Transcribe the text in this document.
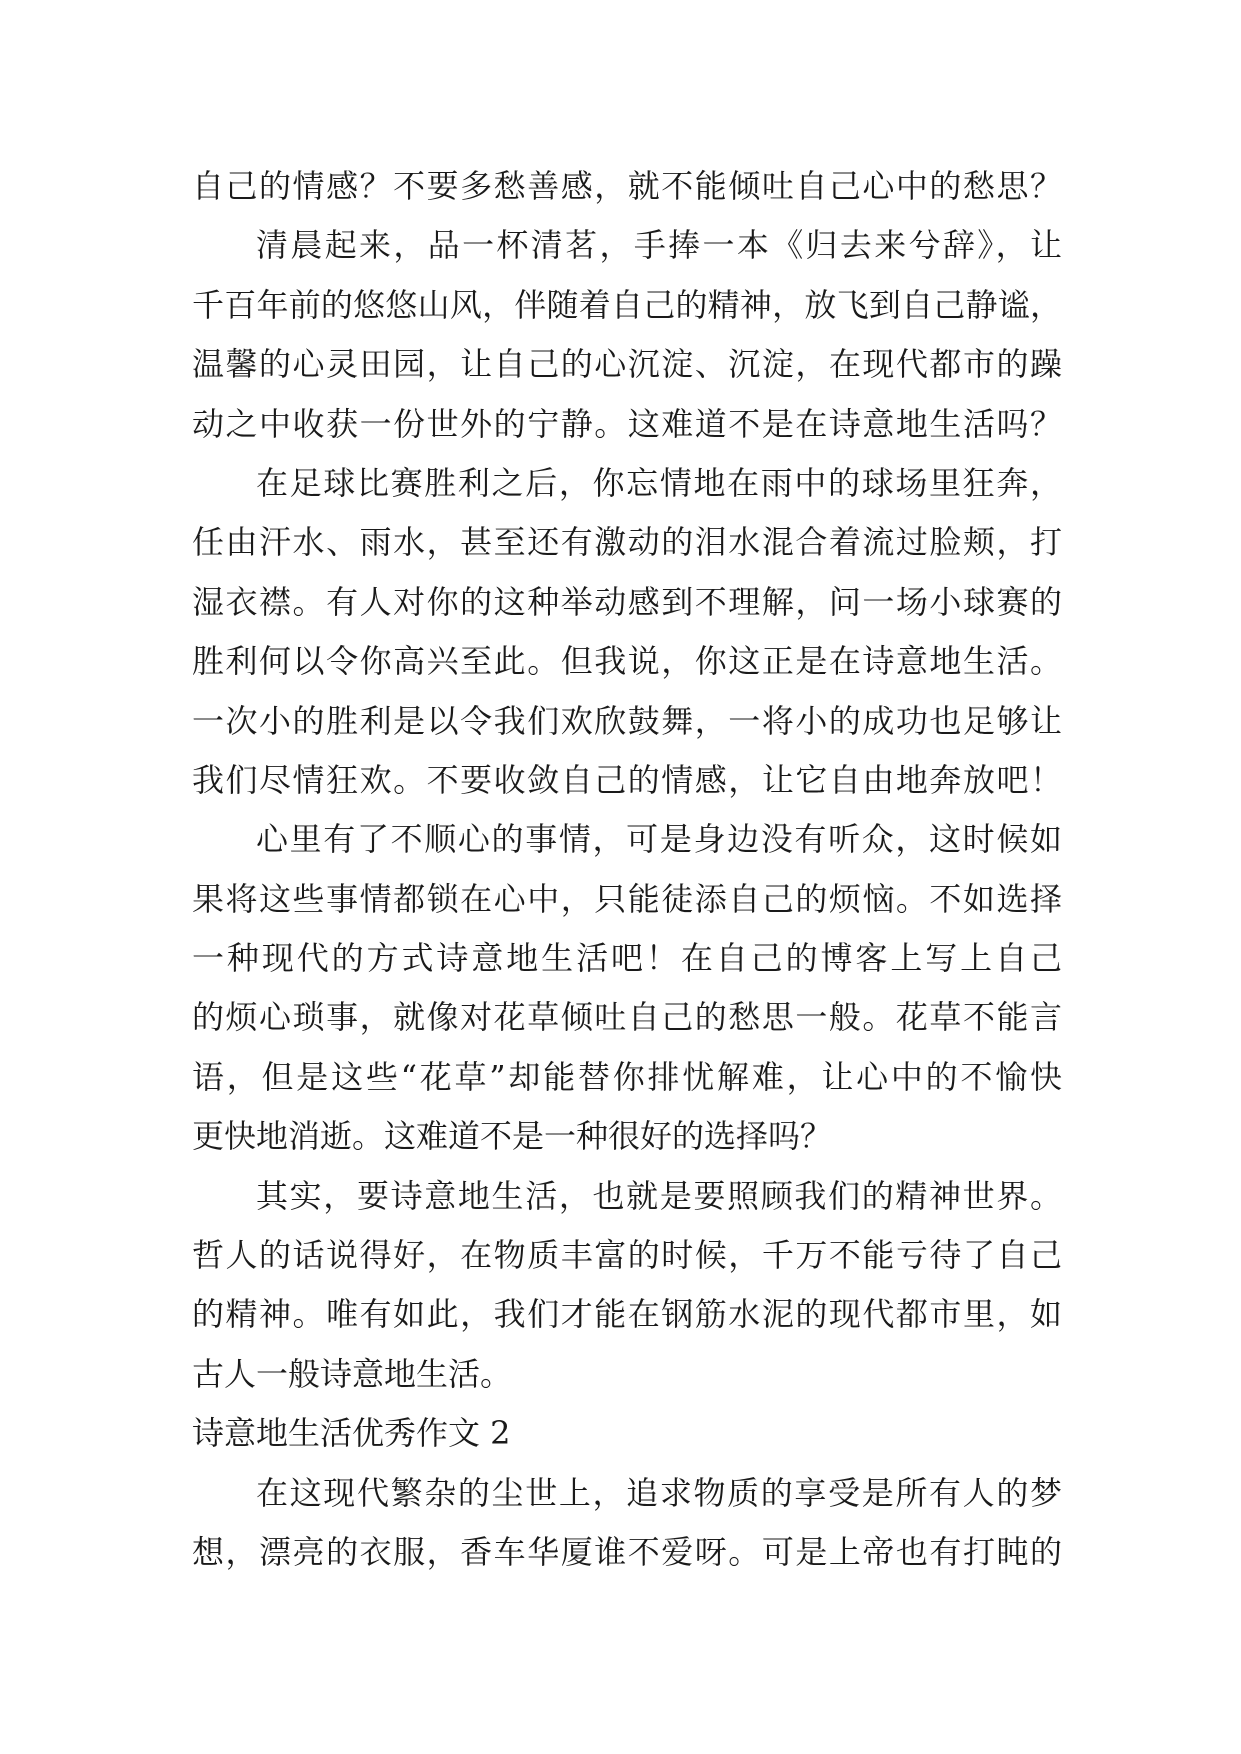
自己的情感？不要多愁善感，就不能倾吐自己心中的愁思？
清晨起来，品一杯清茗，手捧一本《归去来兮辞》，让
千百年前的悠悠山风，伴随着自己的精神，放飞到自己静谧，
温馨的心灵田园，让自己的心沉淀、沉淀，在现代都市的躁
动之中收获一份世外的宁静。这难道不是在诗意地生活吗？
在足球比赛胜利之后，你忘情地在雨中的球场里狂奔，
任由汗水、雨水，甚至还有激动的泪水混合着流过脸颊，打
湿衣襟。有人对你的这种举动感到不理解，问一场小球赛的
胜利何以令你高兴至此。但我说，你这正是在诗意地生活。
一次小的胜利是以令我们欢欣鼓舞，一将小的成功也足够让
我们尽情狂欢。不要收敛自己的情感，让它自由地奔放吧！
心里有了不顺心的事情，可是身边没有听众，这时候如
果将这些事情都锁在心中，只能徒添自己的烦恼。不如选择
一种现代的方式诗意地生活吧！在自己的博客上写上自己
的烦心琐事，就像对花草倾吐自己的愁思一般。花草不能言
语，但是这些“花草”却能替你排忧解难，让心中的不愉快
更快地消逝。这难道不是一种很好的选择吗？
其实，要诗意地生活，也就是要照顾我们的精神世界。
哲人的话说得好，在物质丰富的时候，千万不能亏待了自己
的精神。唯有如此，我们才能在钢筋水泥的现代都市里，如
古人一般诗意地生活。
诗意地生活优秀作文 2
在这现代繁杂的尘世上，追求物质的享受是所有人的梦
想，漂亮的衣服，香车华厦谁不爱呀。可是上帝也有打盹的
